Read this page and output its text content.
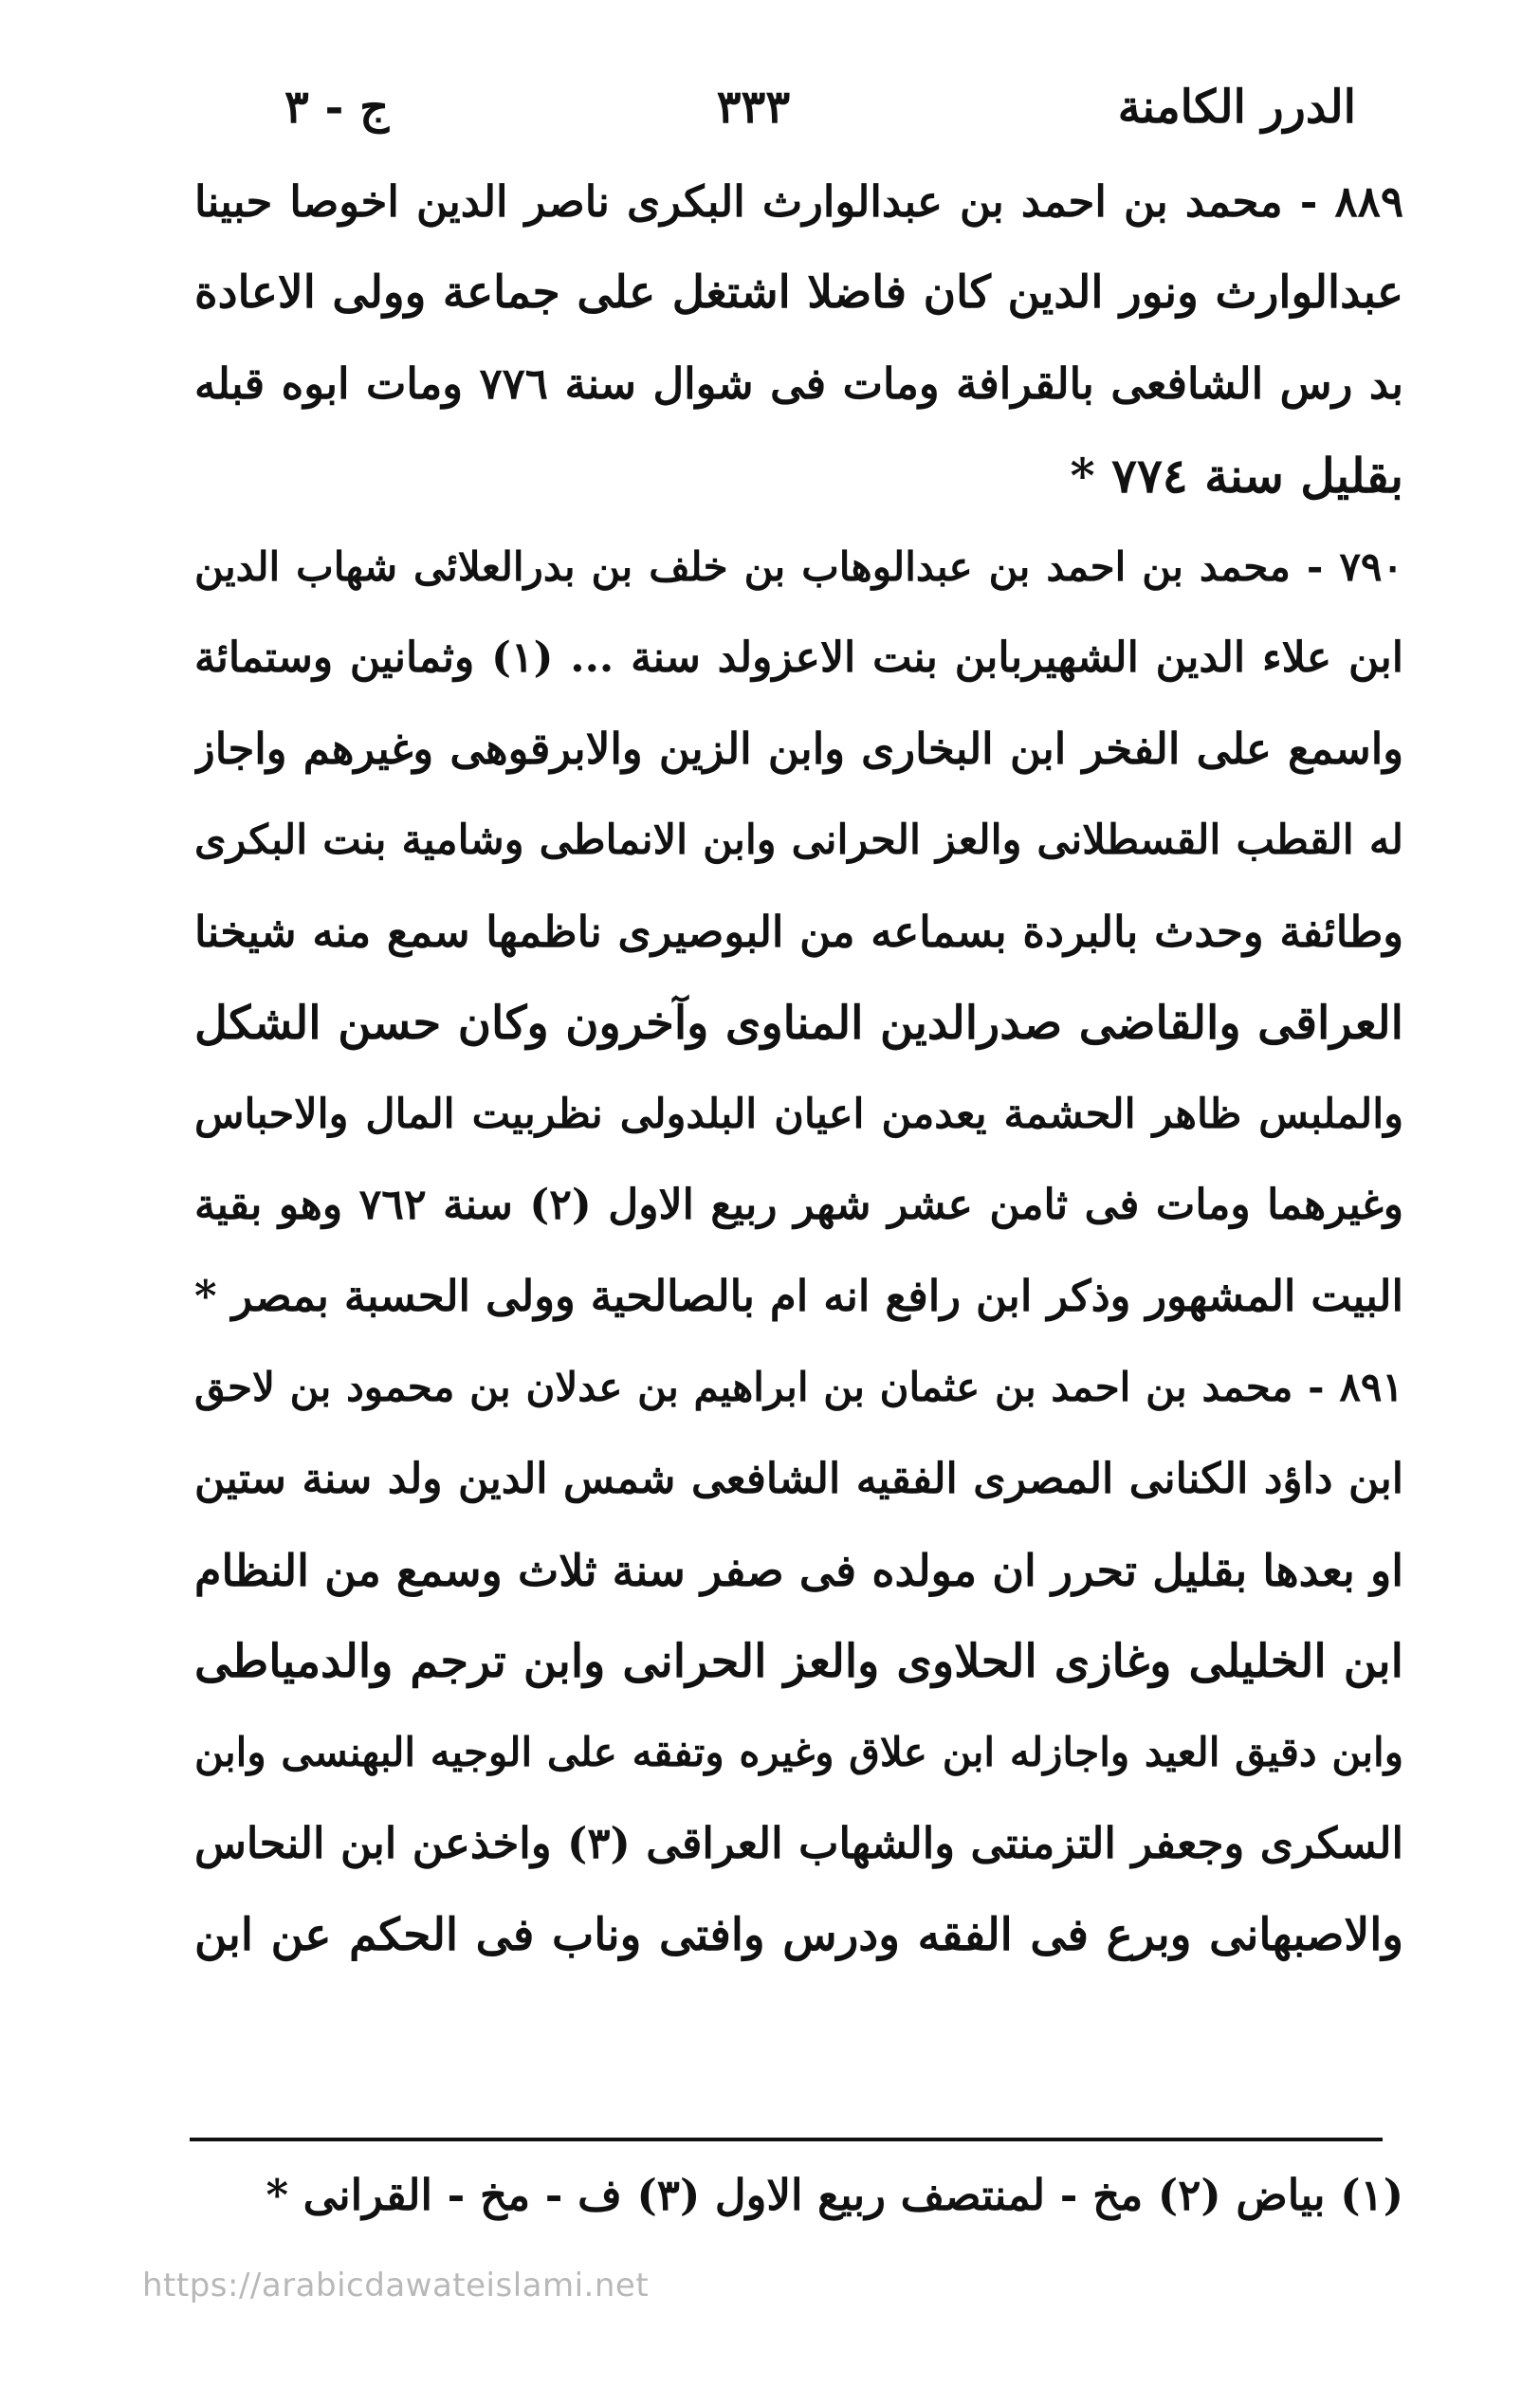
الدرر الكامنة
٣٣٣
ج - ٣
٨٨٩ - محمد بن احمد بن عبدالوارث البكرى ناصر الدين اخوصا حبينا
عبدالوارث ونور الدين كان فاضلا اشتغل على جماعة وولى الاعادة
بد رس الشافعى بالقرافة ومات فى شوال سنة ٧٧٦ ومات ابوه قبله
بقليل سنة ٧٧٤ *
٧٩٠ - محمد بن احمد بن عبدالوهاب بن خلف بن بدرالعلائى شهاب الدين
ابن علاء الدين الشهيربابن بنت الاعزولد سنة ... (١) وثمانين وستمائة
واسمع على الفخر ابن البخارى وابن الزين والابرقوهى وغيرهم واجاز
له القطب القسطلانى والعز الحرانى وابن الانماطى وشامية بنت البكرى
وطائفة وحدث بالبردة بسماعه من البوصيرى ناظمها سمع منه شيخنا
العراقى والقاضى صدرالدين المناوى وآخرون وكان حسن الشكل
والملبس ظاهر الحشمة يعدمن اعيان البلدولى نظربيت المال والاحباس
وغيرهما ومات فى ثامن عشر شهر ربيع الاول (٢) سنة ٧٦٢ وهو بقية
البيت المشهور وذكر ابن رافع انه ام بالصالحية وولى الحسبة بمصر *
٨٩١ - محمد بن احمد بن عثمان بن ابراهيم بن عدلان بن محمود بن لاحق
ابن داؤد الكنانى المصرى الفقيه الشافعى شمس الدين ولد سنة ستين
او بعدها بقليل تحرر ان مولده فى صفر سنة ثلاث وسمع من النظام
ابن الخليلى وغازى الحلاوى والعز الحرانى وابن ترجم والدمياطى
وابن دقيق العيد واجازله ابن علاق وغيره وتفقه على الوجيه البهنسى وابن
السكرى وجعفر التزمنتى والشهاب العراقى (٣) واخذعن ابن النحاس
والاصبهانى وبرع فى الفقه ودرس وافتى وناب فى الحكم عن ابن
(١) بياض (٢) مخ - لمنتصف ربيع الاول (٣) ف - مخ - القرانى *
https://arabicdawateislami.net
